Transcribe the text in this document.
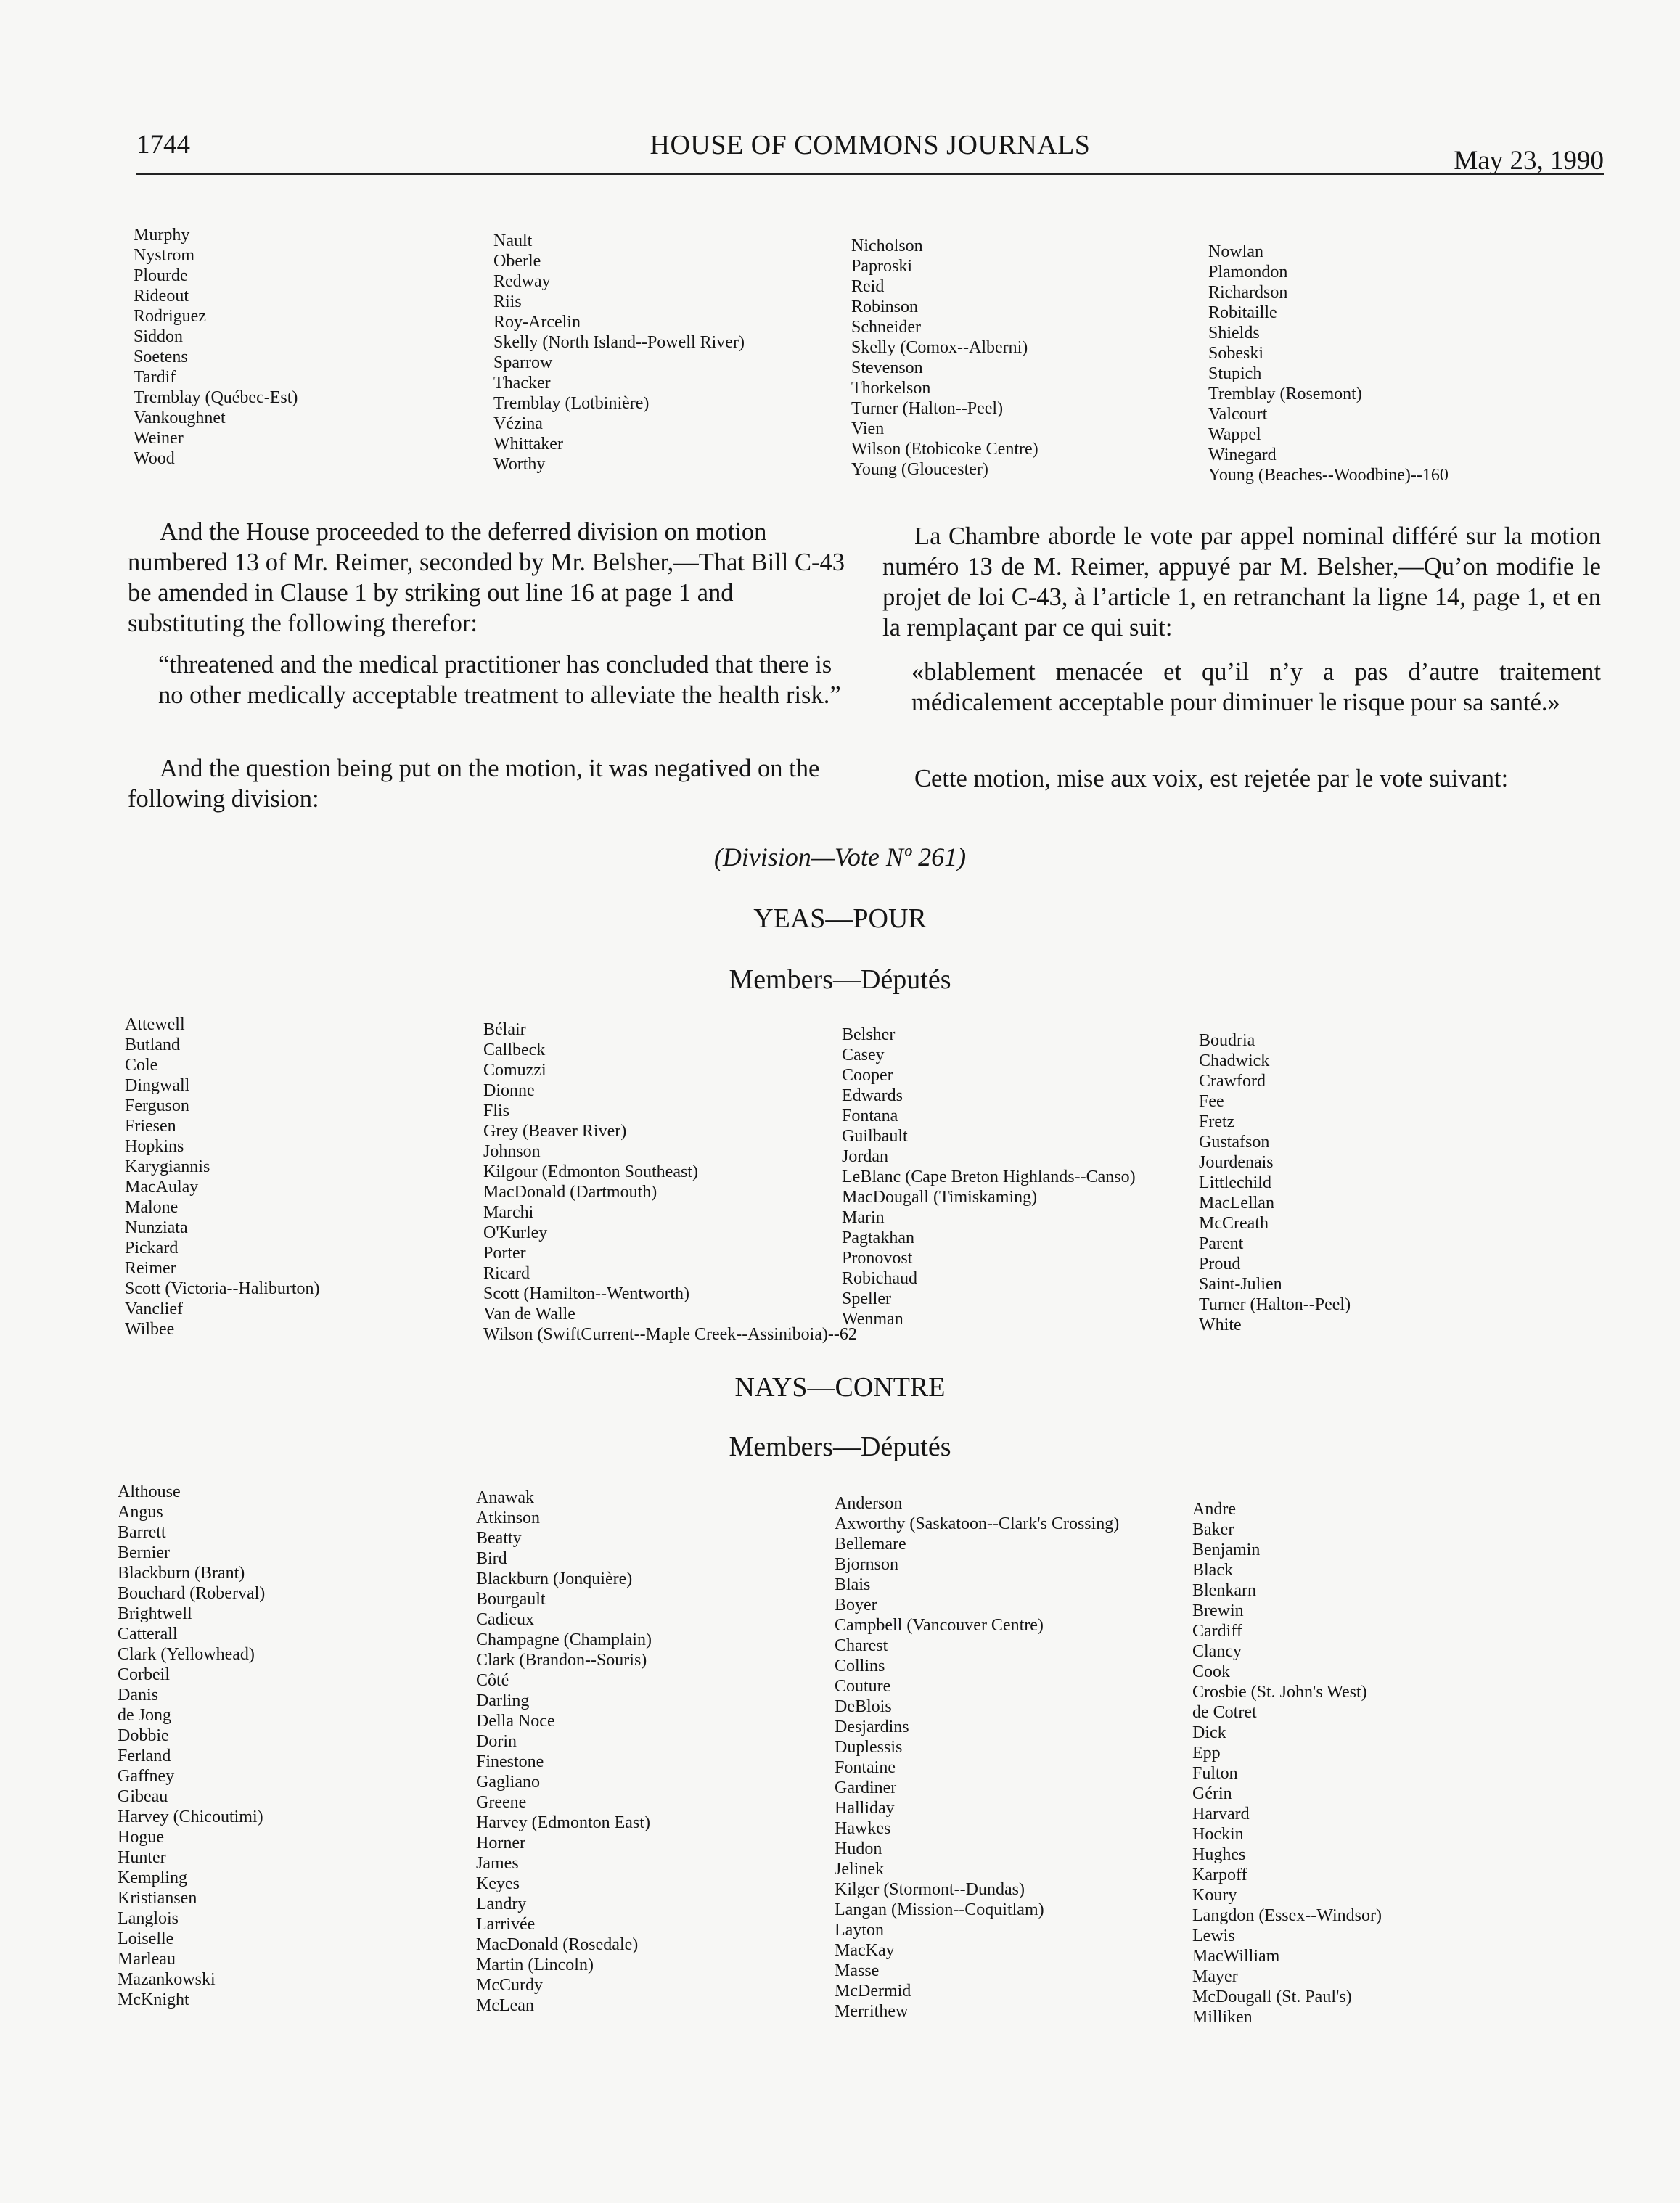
1744	HOUSE OF COMMONS JOURNALS
May 23, 1990
Murphy
Nystrom
Plourde
Rideout
Rodriguez
Siddon
Soetens
Tardif
Tremblay (Québec-Est)
Vankoughnet
Weiner
Wood
Nault
Oberle
Redway
Riis
Roy-Arcelin
Skelly (North Island--Powell River)
Sparrow
Thacker
Tremblay (Lotbinière)
Vézina
Whittaker
Worthy
Nicholson
Paproski
Reid
Robinson
Schneider
Skelly (Comox--Alberni)
Stevenson
Thorkelson
Turner (Halton--Peel)
Vien
Wilson (Etobicoke Centre)
Young (Gloucester)
Nowlan
Plamondon
Richardson
Robitaille
Shields
Sobeski
Stupich
Tremblay (Rosemont)
Valcourt
Wappel
Winegard
Young (Beaches--Woodbine)--160
And the House proceeded to the deferred division on motion numbered 13 of Mr. Reimer, seconded by Mr. Belsher,—That Bill C-43 be amended in Clause 1 by striking out line 16 at page 1 and substituting the following therefor:
“threatened and the medical practitioner has concluded that there is no other medically acceptable treatment to alleviate the health risk.”
And the question being put on the motion, it was negatived on the following division:
La Chambre aborde le vote par appel nominal différé sur la motion numéro 13 de M. Reimer, appuyé par M. Belsher,—Qu’on modifie le projet de loi C-43, à l’article 1, en retranchant la ligne 14, page 1, et en la remplaçant par ce qui suit:
«blablement menacée et qu’il n’y a pas d’autre traitement médicalement acceptable pour diminuer le risque pour sa santé.»
Cette motion, mise aux voix, est rejetée par le vote suivant:
(Division—Vote Nº 261)
YEAS—POUR
Members—Députés
Attewell
Butland
Cole
Dingwall
Ferguson
Friesen
Hopkins
Karygiannis
MacAulay
Malone
Nunziata
Pickard
Reimer
Scott (Victoria--Haliburton)
Vanclief
Wilbee
Bélair
Callbeck
Comuzzi
Dionne
Flis
Grey (Beaver River)
Johnson
Kilgour (Edmonton Southeast)
MacDonald (Dartmouth)
Marchi
O'Kurley
Porter
Ricard
Scott (Hamilton--Wentworth)
Van de Walle
Wilson (SwiftCurrent--Maple Creek--Assiniboia)--62
Belsher
Casey
Cooper
Edwards
Fontana
Guilbault
Jordan
LeBlanc (Cape Breton Highlands--Canso)
MacDougall (Timiskaming)
Marin
Pagtakhan
Pronovost
Robichaud
Speller
Wenman
Boudria
Chadwick
Crawford
Fee
Fretz
Gustafson
Jourdenais
Littlechild
MacLellan
McCreath
Parent
Proud
Saint-Julien
Turner (Halton--Peel)
White
NAYS—CONTRE
Members—Députés
Althouse
Angus
Barrett
Bernier
Blackburn (Brant)
Bouchard (Roberval)
Brightwell
Catterall
Clark (Yellowhead)
Corbeil
Danis
de Jong
Dobbie
Ferland
Gaffney
Gibeau
Harvey (Chicoutimi)
Hogue
Hunter
Kempling
Kristiansen
Langlois
Loiselle
Marleau
Mazankowski
McKnight
Anawak
Atkinson
Beatty
Bird
Blackburn (Jonquière)
Bourgault
Cadieux
Champagne (Champlain)
Clark (Brandon--Souris)
Côté
Darling
Della Noce
Dorin
Finestone
Gagliano
Greene
Harvey (Edmonton East)
Horner
James
Keyes
Landry
Larrivée
MacDonald (Rosedale)
Martin (Lincoln)
McCurdy
McLean
Anderson
Axworthy (Saskatoon--Clark's Crossing)
Bellemare
Bjornson
Blais
Boyer
Campbell (Vancouver Centre)
Charest
Collins
Couture
DeBlois
Desjardins
Duplessis
Fontaine
Gardiner
Halliday
Hawkes
Hudon
Jelinek
Kilger (Stormont--Dundas)
Langan (Mission--Coquitlam)
Layton
MacKay
Masse
McDermid
Merrithew
Andre
Baker
Benjamin
Black
Blenkarn
Brewin
Cardiff
Clancy
Cook
Crosbie (St. John's West)
de Cotret
Dick
Epp
Fulton
Gérin
Harvard
Hockin
Hughes
Karpoff
Koury
Langdon (Essex--Windsor)
Lewis
MacWilliam
Mayer
McDougall (St. Paul's)
Milliken
